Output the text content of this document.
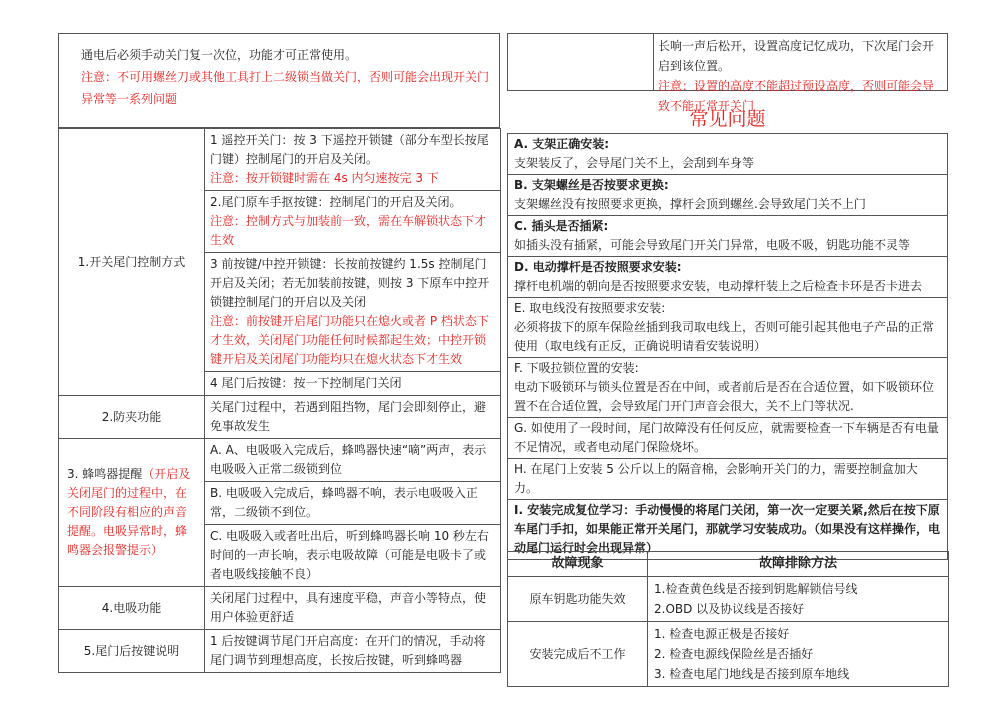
通电后必须手动关门复一次位，功能才可正常使用。

注意：不可用螺丝刀或其他工具打上二级锁当做关门，否则可能会出现开关门异常等一系列问题

1.开关尾门控制方式	1 遥控开关门：按 3 下遥控开锁键（部分车型长按尾门键）控制尾门的开启及关闭。

注意：按开锁键时需在 4s 内匀速按完 3 下

	2.尾门原车手抠按键：控制尾门的开启及关闭。

注意：控制方式与加装前一致，需在车解锁状态下才生效

	3 前按键/中控开锁键：长按前按键约 1.5s 控制尾门开启及关闭；若无加装前按键，则按 3 下原车中控开锁键控制尾门的开启以及关闭

注意：前按键开启尾门功能只在熄火或者 P 档状态下才生效，关闭尾门功能任何时候都起生效；中控开锁键开启及关闭尾门功能均只在熄火状态下才生效

	4 尾门后按键：按一下控制尾门关闭
2.防夹功能	关尾门过程中，若遇到阻挡物，尾门会即刻停止，避免事故发生
3. 蜂鸣器提醒（开启及关闭尾门的过程中，在不同阶段有相应的声音提醒。电吸异常时，蜂鸣器会报警提示）	A. A、电吸吸入完成后，蜂鸣器快速“嘀”两声，表示电吸吸入正常二级锁到位
	B. 电吸吸入完成后，蜂鸣器不响，表示电吸吸入正常，二级锁不到位。
	C. 电吸吸入或者吐出后，听到蜂鸣器长响 10 秒左右时间的一声长响，表示电吸故障（可能是电吸卡了或者电吸线接触不良）
4.电吸功能	关闭尾门过程中，具有速度平稳，声音小等特点，使用户体验更舒适
5.尾门后按键说明	1 后按键调节尾门开启高度：在开门的情况，手动将尾门调节到理想高度，长按后按键，听到蜂鸣器

长响一声后松开，设置高度记忆成功，下次尾门会开启到该位置。

注意：设置的高度不能超过预设高度，否则可能会导致不能正常开关门

常见问题

A. 支架正确安装:

支架装反了，会导尾门关不上，会刮到车身等

B. 支架螺丝是否按要求更换:

支架螺丝没有按照要求更换，撑杆会顶到螺丝.会导致尾门关不上门

C. 插头是否插紧:

如插头没有插紧，可能会导致尾门开关门异常，电吸不吸，钥匙功能不灵等

D. 电动撑杆是否按照要求安装:

撑杆电机端的朝向是否按照要求安装，电动撑杆装上之后检查卡环是否卡进去

E. 取电线没有按照要求安装:

必须将拔下的原车保险丝插到我司取电线上，否则可能引起其他电子产品的正常使用（取电线有正反，正确说明请看安装说明）

F. 下吸拉锁位置的安装:

电动下吸锁环与锁头位置是否在中间，或者前后是否在合适位置，如下吸锁环位置不在合适位置，会导致尾门开门声音会很大，关不上门等状况.

G. 如使用了一段时间，尾门故障没有任何反应，就需要检查一下车辆是否有电量不足情况，或者电动尾门保险烧坏。
H. 在尾门上安装 5 公斤以上的隔音棉，会影响开关门的力，需要控制盒加大力。
I. 安装完成复位学习：手动慢慢的将尾门关闭，第一次一定要关紧,然后在按下原车尾门手扣，如果能正常开关尾门，那就学习安装成功。（如果没有这样操作，电动尾门运行时会出现异常）
故障现象	故障排除方法
原车钥匙功能失效	1.检查黄色线是否接到钥匙解锁信号线

2.OBD 以及协议线是否接好

安装完成后不工作	1. 检查电源正极是否接好

2. 检查电源线保险丝是否插好

3. 检查电尾门地线是否接到原车地线
